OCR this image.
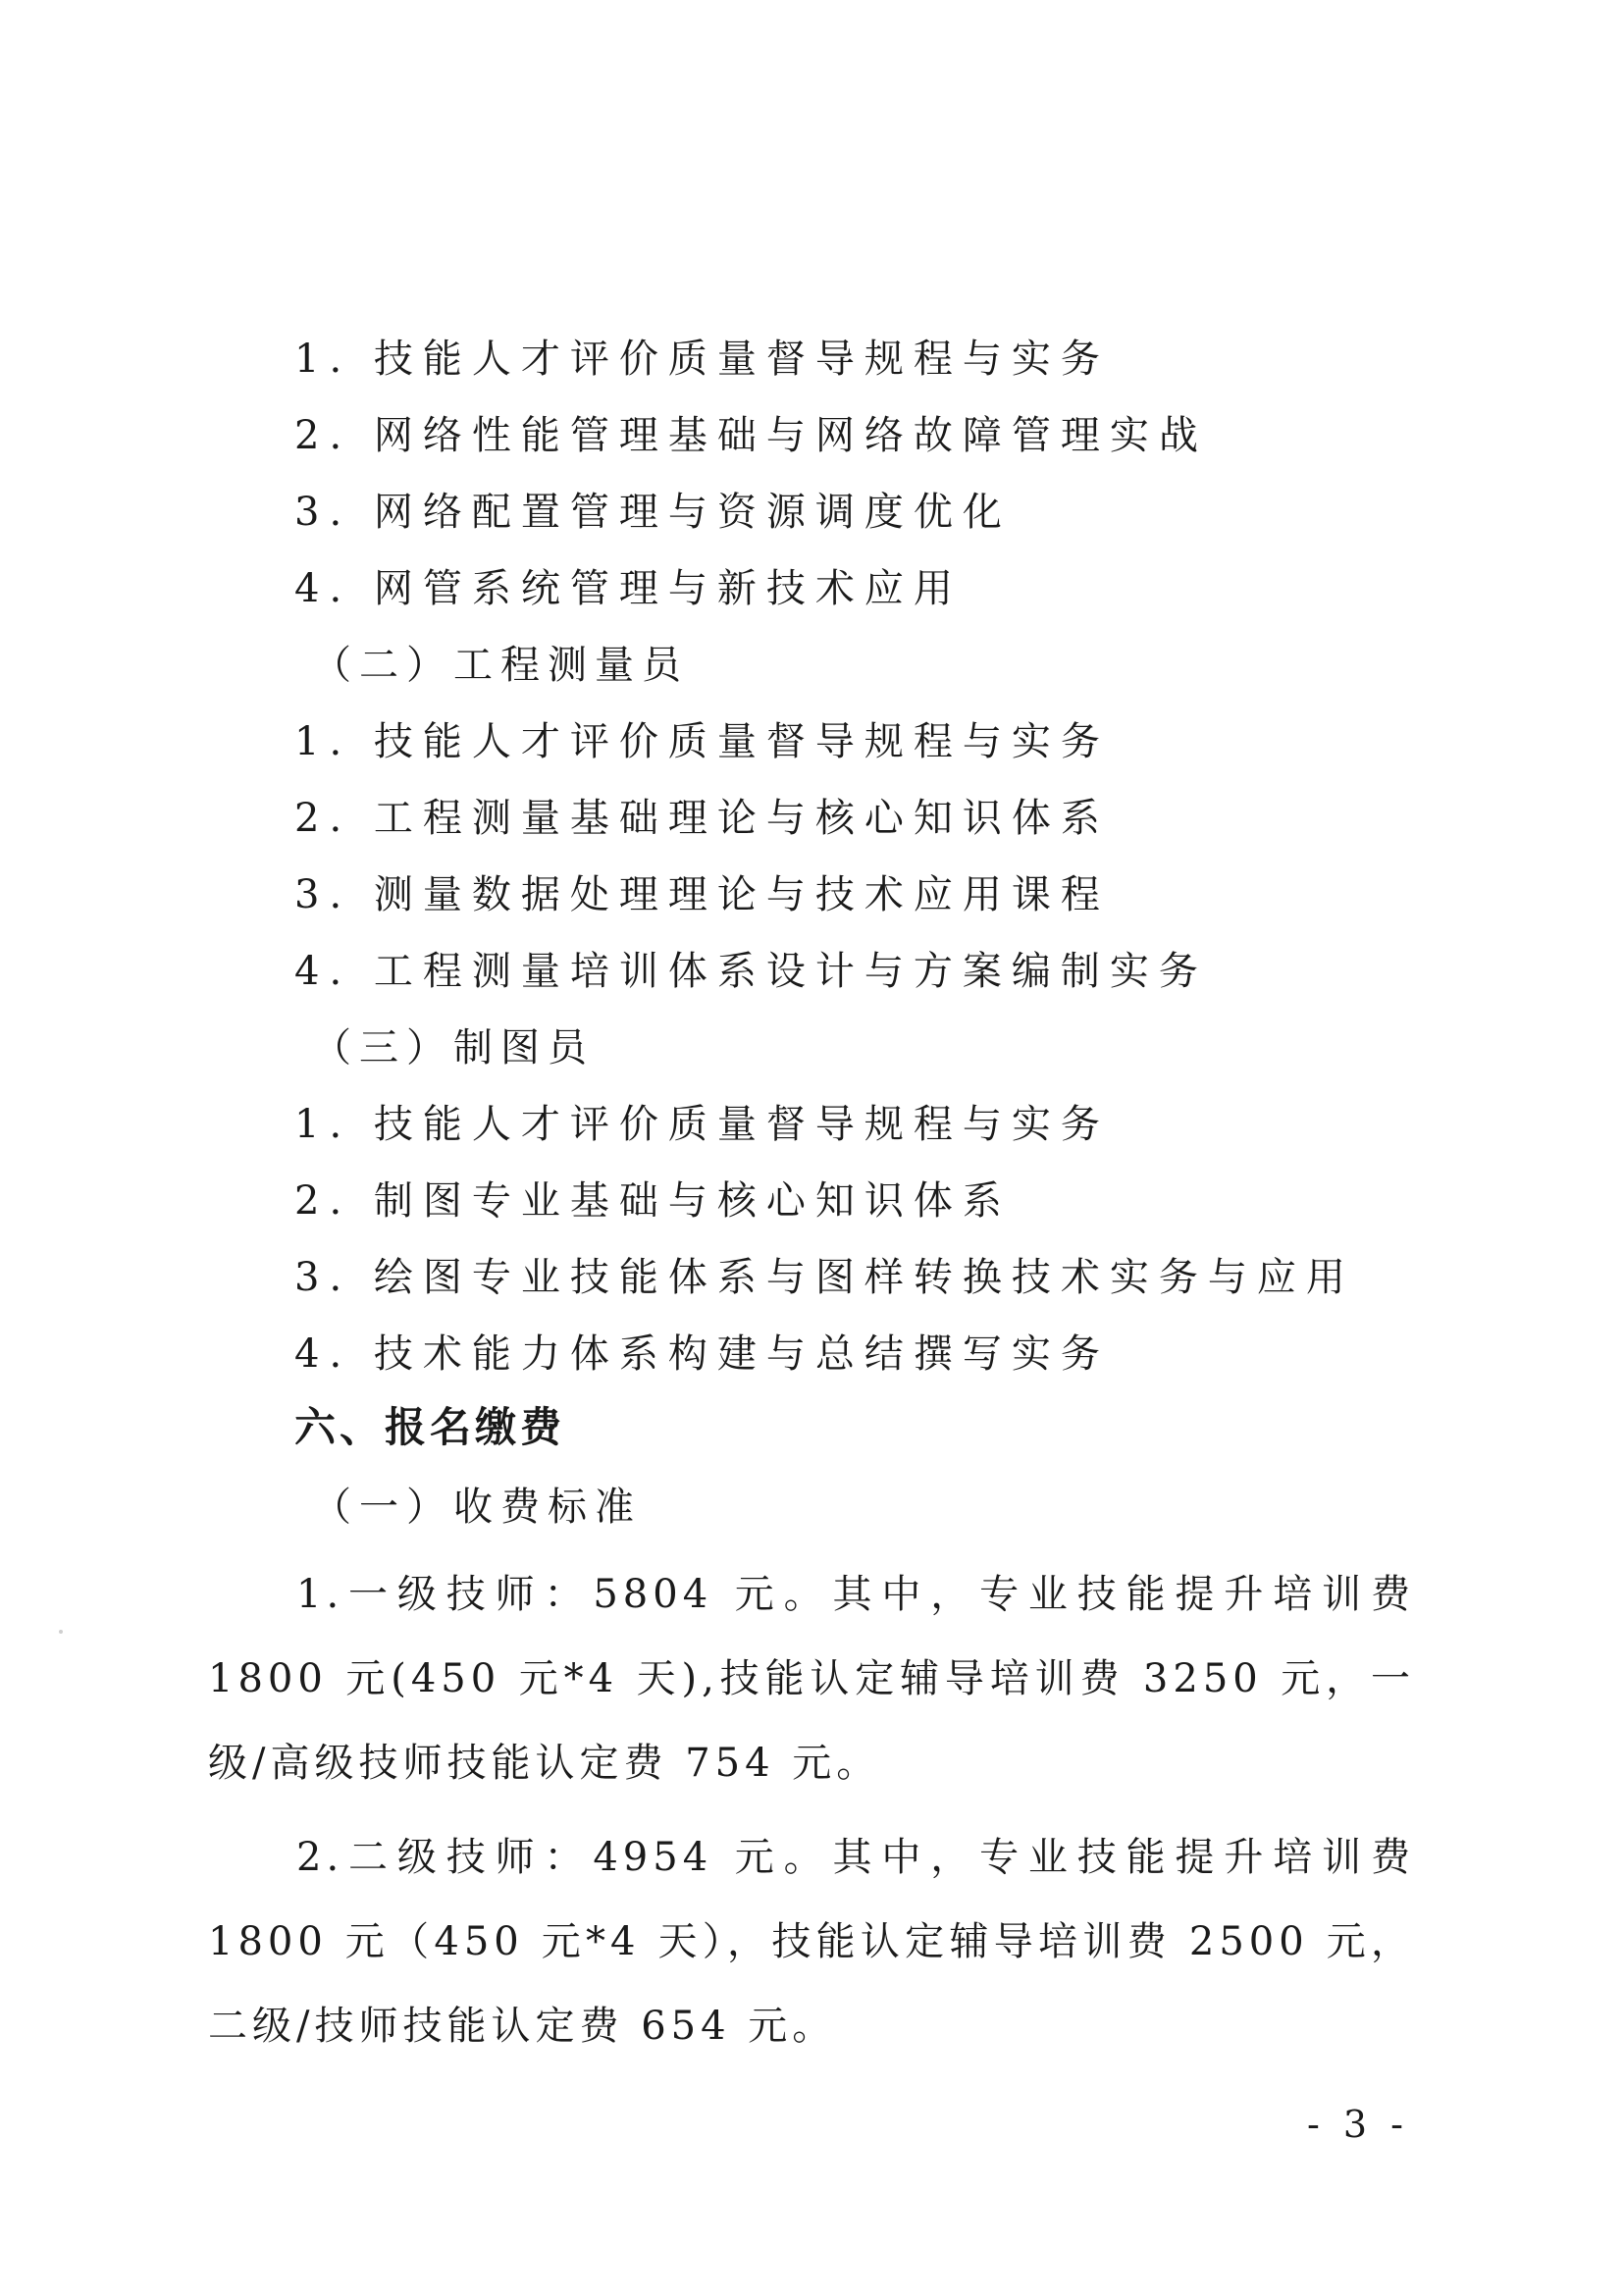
1. 技能人才评价质量督导规程与实务
2. 网络性能管理基础与网络故障管理实战
3. 网络配置管理与资源调度优化
4. 网管系统管理与新技术应用
（二）工程测量员
1. 技能人才评价质量督导规程与实务
2. 工程测量基础理论与核心知识体系
3. 测量数据处理理论与技术应用课程
4. 工程测量培训体系设计与方案编制实务
（三）制图员
1. 技能人才评价质量督导规程与实务
2. 制图专业基础与核心知识体系
3. 绘图专业技能体系与图样转换技术实务与应用
4. 技术能力体系构建与总结撰写实务
六、报名缴费
（一）收费标准
1.一级技师：5804 元。其中，专业技能提升培训费 1800 元(450 元*4 天),技能认定辅导培训费 3250 元，一级/高级技师技能认定费 754 元。
2.二级技师：4954 元。其中，专业技能提升培训费 1800 元（450 元*4 天），技能认定辅导培训费 2500 元，二级/技师技能认定费 654 元。
- 3 -
